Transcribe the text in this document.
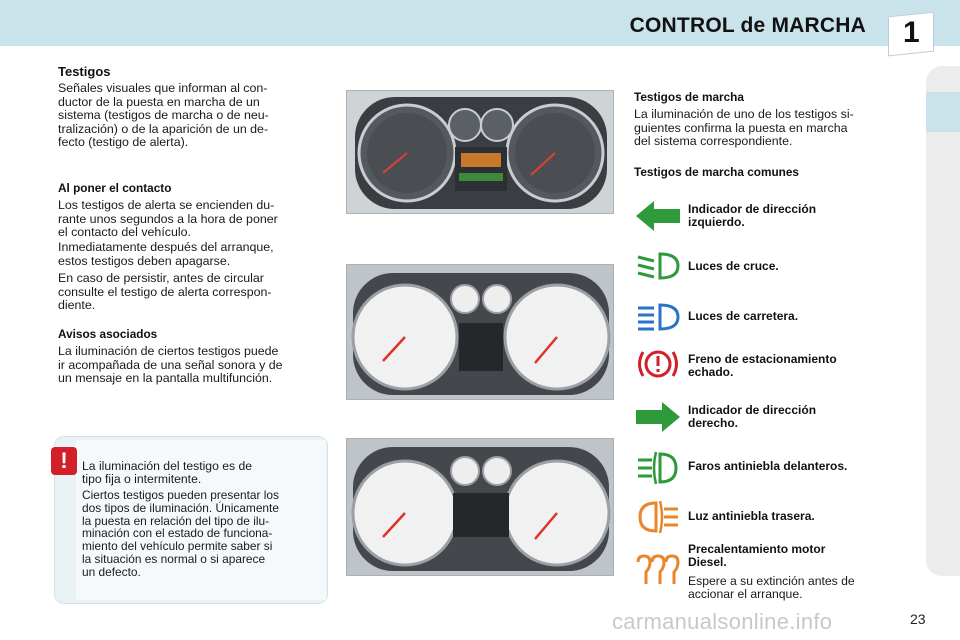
CONTROL de MARCHA 1
Testigos
Señales visuales que informan al con-
ductor de la puesta en marcha de un
sistema (testigos de marcha o de neu-
tralización) o de la aparición de un de-
fecto (testigo de alerta).
Al poner el contacto
Los testigos de alerta se encienden du-
rante unos segundos a la hora de poner
el contacto del vehículo.
Inmediatamente después del arranque,
estos testigos deben apagarse.
En caso de persistir, antes de circular
consulte el testigo de alerta correspon-
diente.
Avisos asociados
La iluminación de ciertos testigos puede
ir acompañada de una señal sonora y de
un mensaje en la pantalla multifunción.
!	La iluminación del testigo es de
tipo fija o intermitente.
Ciertos testigos pueden presentar los
dos tipos de iluminación. Únicamente
la puesta en relación del tipo de ilu-
minación con el estado de funciona-
miento del vehículo permite saber si
la situación es normal o si aparece
un defecto.
Testigos de marcha
La iluminación de uno de los testigos si-
guientes confirma la puesta en marcha
del sistema correspondiente.
Testigos de marcha comunes
Indicador de dirección
izquierdo.
Luces de cruce.
Luces de carretera.
Freno de estacionamiento
echado.
Indicador de dirección
derecho.
Faros antiniebla delanteros.
Luz antiniebla trasera.
Precalentamiento motor
Diesel.
Espere a su extinción antes de
accionar el arranque.
carmanualsonline.info	23
